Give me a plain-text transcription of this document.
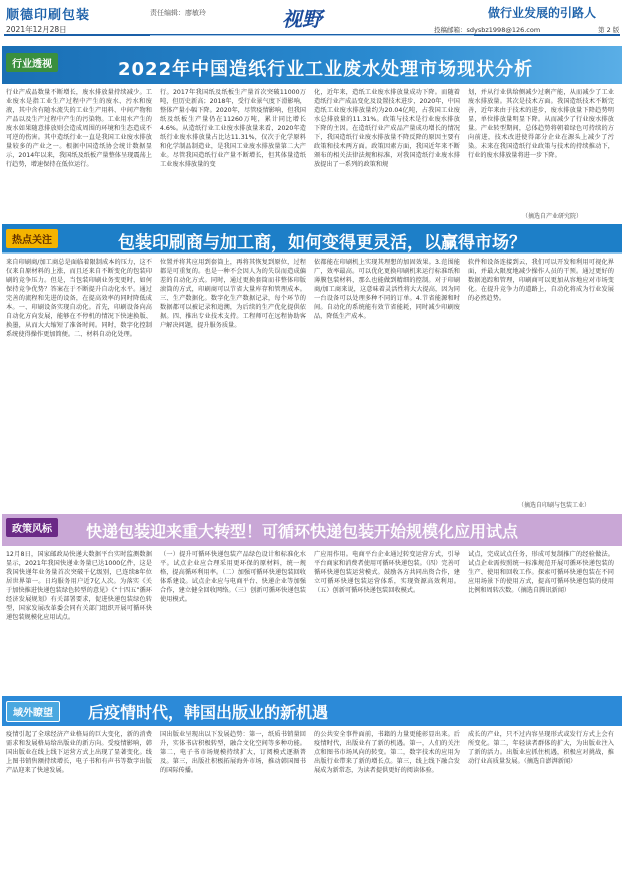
顺德印刷包装	责任编辑：廖敏玲	视野	做行业发展的引路人
2021年12月28日	投稿邮箱：sdysbz1998@126.com	第 2 版
行业透视	2022年中国造纸行业工业废水处理市场现状分析
行业产成品数量不断增长，废水排放量持续减少。工业废水是指工业生产过程中产生的废水、污水和废液，其中含有随水流失的工业生产用料、中间产物和产品以及生产过程中产生的污染物。工业用水产生的废水如果随意排放则会造成周围的环境和生态造成不可逆的伤害。其中造纸行业一直是我国工业废水排放量较多的产业之一。根据中国造纸协会统计数据显示，2014年以来，我国纸及纸板产量整体呈现震荡上行趋势，增速保持在低位运行。
行。2017年我国纸及纸板生产量首次突破11000万吨，但历史新高；2018年，受行业景气度下滑影响，整体产量小幅下降。2020年，尽管疫情影响，但我国纸及纸板生产量仍在11260万吨，累计同比增长4.6%。从造纸行业工业废水排放量来看，2020年造纸行业废水排放量占比达11.31%，仅次于化学原料和化学制品制造业，是我国工业废水排放量第二大产业。尽管我国造纸行业产量不断增长，但其体量造纸工业废水排放量的变
化，近年来，造纸工业废水排放量成功下降。而随着造纸行业产成品变化及设置技术进步，2020年，中国造纸工业废水排放量约为20.04亿吨，占我国工业废水总排放量的11.31%。政策与技术是行业废水排放下降的主因。在造纸行业产成品产量成功增长的情况下，我国造纸行业废水排放量不降反降的原因主要有政策和技术两方面。政策因素方面，我国近年来不断颁布的相关法律法规和标准，对我国造纸行业废水排放提出了一系列的政策和规
划，并从行业供给侧减少过剩产能，从而减少了工业废水排放量。其次是技术方面。我国造纸技术不断完善，近年来由于技术的进步，废水排放量下降趋势明显，单位排放量明显下降。从而减少了行业废水排放量。产业转型期间，总体趋势将朝着绿色可持续的方向前进，技术改进使得部分企业在源头上减少了污染。未来在我国造纸行业政策与技术的持续推动下，行业的废水排放量将进一步下降。
（摘选自产业研究院）
热点关注	包装印刷商与加工商，如何变得更灵活，以赢得市场？
来自印刷商/加工商总是面临着限制成本的压力，这不仅来自原材料的上涨，而且还来自不断变化的包装印刷的竞争压力。但是，当包装印刷业务变更时，如何保持竞争优势？答案在于不断提升自动化水平。通过完善的流程和先进的设备，在提高效率的同时降低成本。一、印刷设备实现自动化。首先，印刷设备向高自动化方向发展，能够在不停机的情况下快速换版、换墨，从而大大缩短了准备时间。同时，数字化控制系统使得操作更加简便。二、材料自动化处理。
位置并将其应用到套筒上，再将其恢复到原位，过程都是可重复的。也是一种不会因人为的失误而造成偏差的自动化方式。同时，通过更换套筒而非整体印版滚筒的方式，印刷商可以节省大量库存和管理成本。三、生产数据化。数字化生产数据记录，每个环节的数据都可以被记录和追溯，为后续的生产优化提供依据。四、推出专业技术支持。工程师可在远程协助客户解决问题，提升服务质量。
依都能在印刷机上实现其理想的加固效果。3.范围能广，效率最高。可以优化更换印刷机来运行标准纸和薄膜包装材料，那么也能做到精细的控制。对于印刷商/加工商来说，这意味着灵活性将大大提高，因为同一台设备可以处理多种不同的订单。4.节省能源和时间。自动化的系统能有效节省能耗，同时减少印刷废品，降低生产成本。
软件和设备连接到云，我们可以开发和利用可视化界面，并最大限度地减少操作人员的干预。通过更好的数据追踪和管理，印刷商可以更加从容地应对市场变化。在提升竞争力的道路上，自动化将成为行业发展的必然趋势。
（摘选自印刷与包装工业）
政策风标	快递包装迎来重大转型！可循环快递包装开始规模化应用试点
12月8日，国家邮政局快递大数据平台实时监测数据显示，2021年我国快递业务量已达1000亿件，这是我国快递年业务量首次突破千亿级别，已连续8年位居世界第一。日均服务用户近7亿人次。为落实《关于加快推进快递包装绿色转型的意见》《“十四五”循环经济发展规划》有关部署要求，促进快递包装绿色转型，国家发展改革委会同有关部门组织开展可循环快递包装规模化应用试点。
（一）提升可循环快递包装产品绿色设计和标准化水平。试点企业应合理采用更环保的原材料，统一规格，提高循环利用率。（二）加强可循环快递包装回收体系建设。试点企业应与电商平台、快递企业等加强合作，建立健全回收网络。（三）创新可循环快递包装使用模式。
广应用作用。电商平台企业通过转变运营方式，引导平台商家和消费者使用可循环快递包装。（四）完善可循环快递包装运营模式。鼓励各方共同出资合作，建立可循环快递包装运营体系，实现资源高效利用。（五）创新可循环快递包装回收模式。
试点，完成试点任务，形成可复制推广的经验做法。试点企业需按照统一标准规范开展可循环快递包装的生产、使用和回收工作。探索可循环快递包装在不同应用场景下的使用方式，提高可循环快递包装的使用比例和周转次数。（摘选自腾讯新闻）
域外瞭望	后疫情时代，韩国出版业的新机遇
疫情引起了全球经济产业格局的巨大变化，新的消费需求和发展格局给出版业的新方向。受疫情影响，韩国出版业在线上线下运营方式上出现了显著变化。线上图书销售额持续增长，电子书和有声书等数字出版产品迎来了快速发展。
国出版业呈现出以下发展趋势：第一，纸质书销量回升，实体书店积极转型，融合文化空间等多种功能。第二，电子书市场规模持续扩大，订阅模式逐渐普及。第三，出版社积极拓展海外市场，推动韩国图书的国际传播。
的公共安全事件面前，书籍的力量更能彰显出来。后疫情时代，出版业有了新的机遇。第一，人们的关注点和图书市场风向的转变。第二，数字技术的应用为出版行业带来了新的增长点。第三，线上线下融合发展成为新常态，为读者提供更好的阅读体验。
成长的产业，只不过内容呈现形式或发行方式上会有所变化。第二，年轻读者群体的扩大，为出版业注入了新的活力。出版业应抓住机遇，积极应对挑战，推动行业高质量发展。（摘选自澎湃新闻）
